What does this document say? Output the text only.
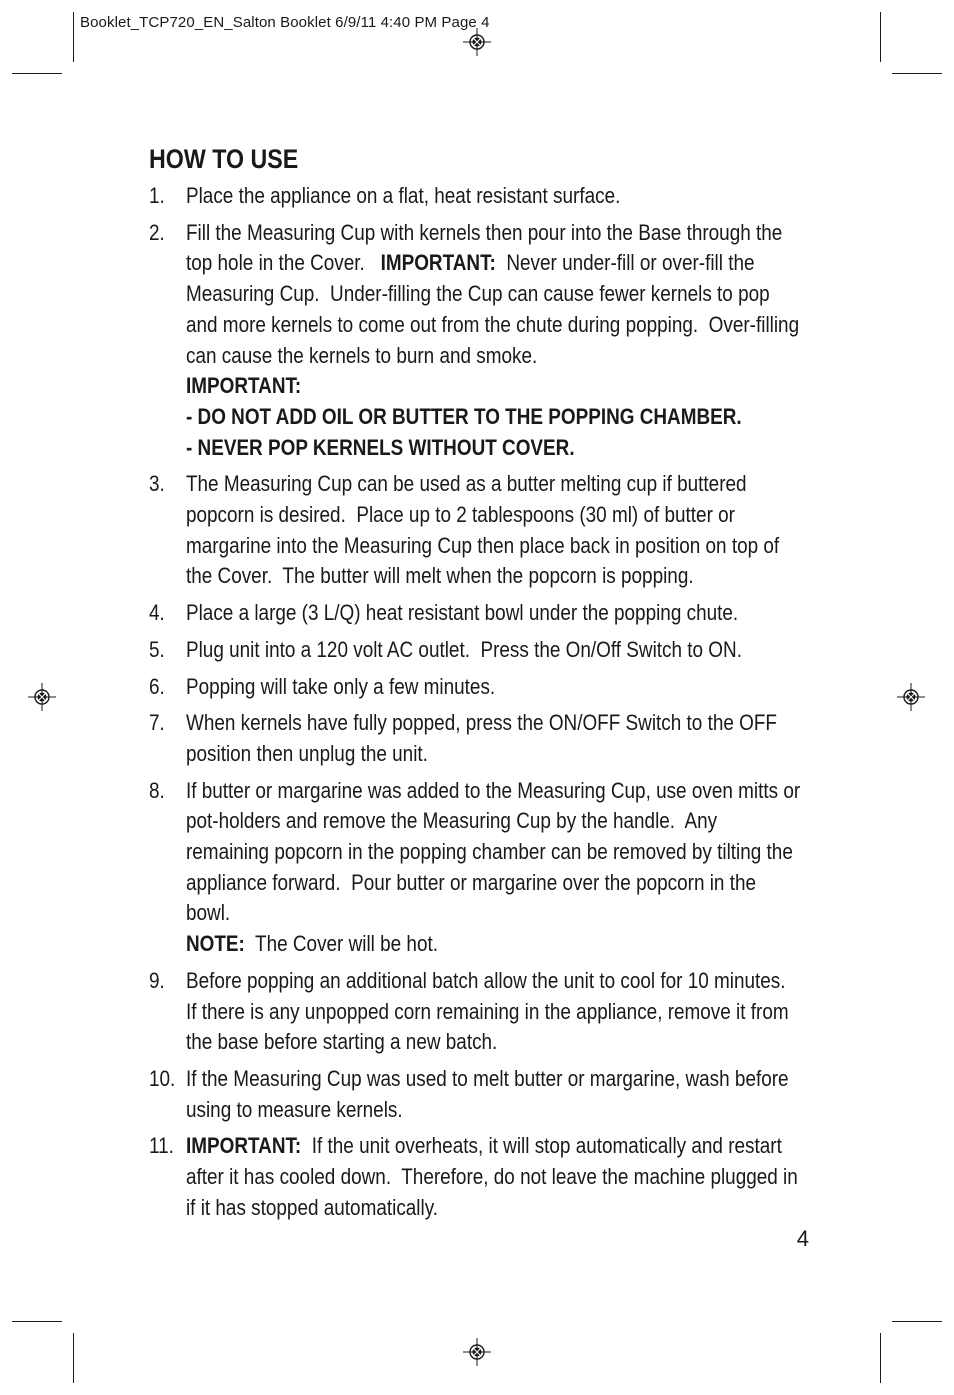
Booklet_TCP720_EN_Salton Booklet 6/9/11 4:40 PM Page 4
HOW TO USE
1. Place the appliance on a flat, heat resistant surface.
2. Fill the Measuring Cup with kernels then pour into the Base through the top hole in the Cover.   IMPORTANT:  Never under-fill or over-fill the Measuring Cup.  Under-filling the Cup can cause fewer kernels to pop and more kernels to come out from the chute during popping.  Over-filling can cause the kernels to burn and smoke.
IMPORTANT:
- DO NOT ADD OIL OR BUTTER TO THE POPPING CHAMBER.
- NEVER POP KERNELS WITHOUT COVER.
3. The Measuring Cup can be used as a butter melting cup if buttered popcorn is desired.  Place up to 2 tablespoons (30 ml) of butter or margarine into the Measuring Cup then place back in position on top of the Cover.  The butter will melt when the popcorn is popping.
4. Place a large (3 L/Q) heat resistant bowl under the popping chute.
5. Plug unit into a 120 volt AC outlet.  Press the On/Off Switch to ON.
6. Popping will take only a few minutes.
7. When kernels have fully popped, press the ON/OFF Switch to the OFF position then unplug the unit.
8. If butter or margarine was added to the Measuring Cup, use oven mitts or pot-holders and remove the Measuring Cup by the handle.  Any remaining popcorn in the popping chamber can be removed by tilting the appliance forward.  Pour butter or margarine over the popcorn in the bowl.
NOTE:  The Cover will be hot.
9. Before popping an additional batch allow the unit to cool for 10 minutes.  If there is any unpopped corn remaining in the appliance, remove it from the base before starting a new batch.
10. If the Measuring Cup was used to melt butter or margarine, wash before using to measure kernels.
11. IMPORTANT:  If the unit overheats, it will stop automatically and restart after it has cooled down.  Therefore, do not leave the machine plugged in if it has stopped automatically.
4
